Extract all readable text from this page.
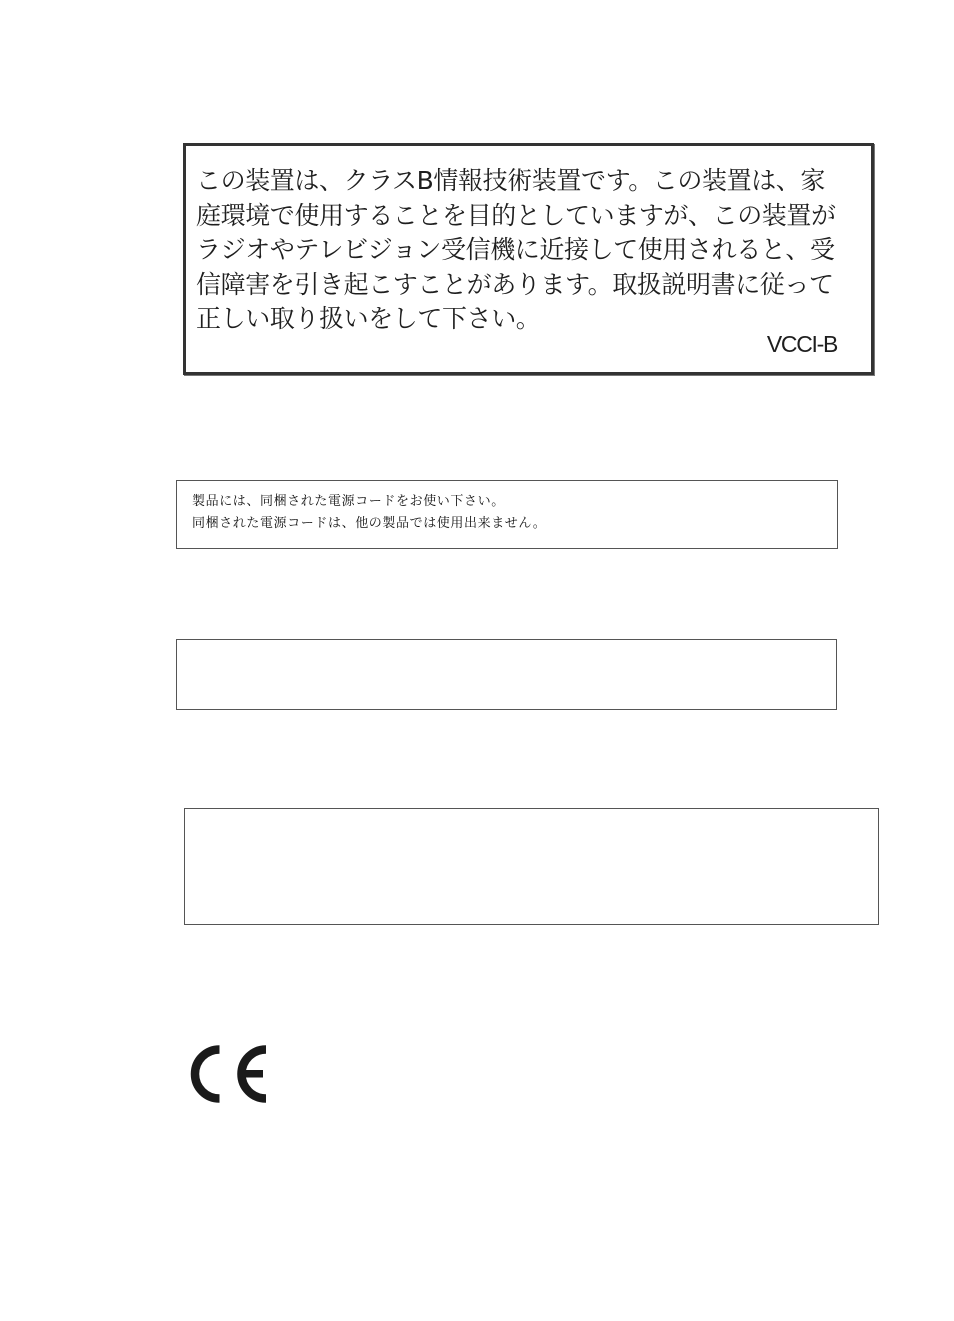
この装置は、クラスB情報技術装置です。この装置は、家
庭環境で使用することを目的としていますが、この装置が
ラジオやテレビジョン受信機に近接して使用されると、受
信障害を引き起こすことがあります。取扱説明書に従って
正しい取り扱いをして下さい。
VCCI-B
製品には、同梱された電源コードをお使い下さい。
同梱された電源コードは、他の製品では使用出来ません。
